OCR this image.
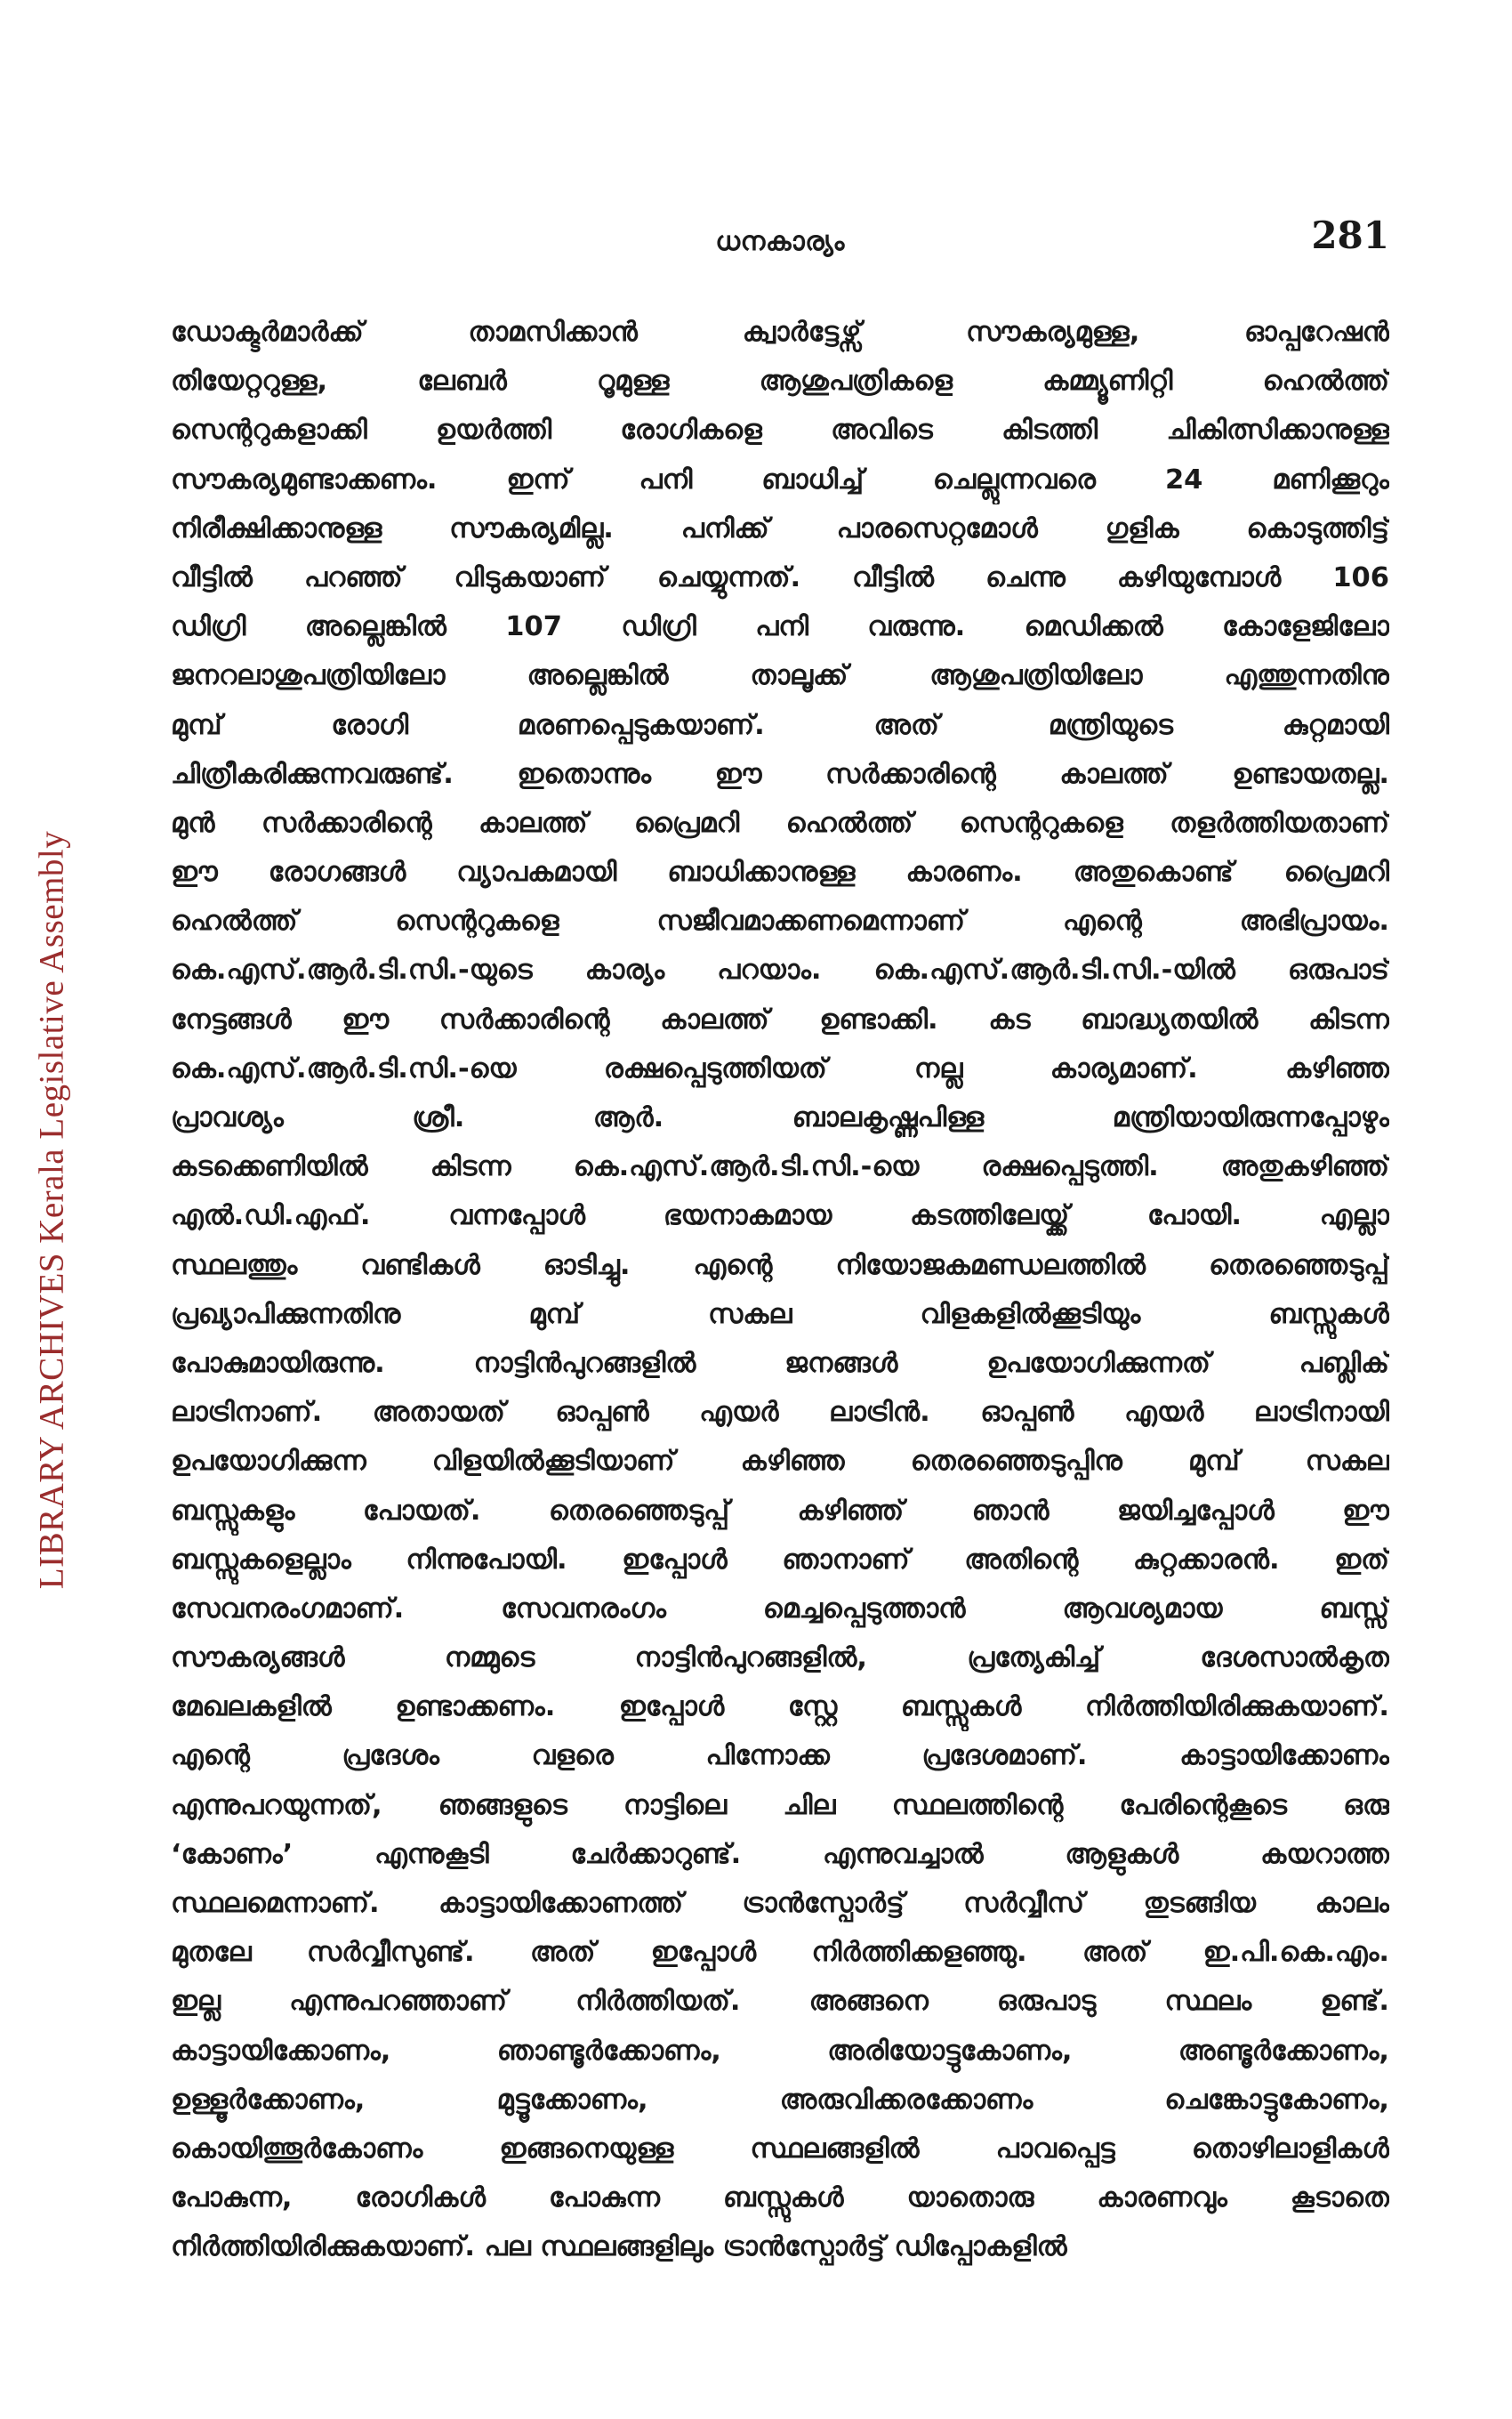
ധനകാര്യം	281
LIBRARY ARCHIVES Kerala Legislative Assembly
ഡോക്ടർമാർക്ക് താമസിക്കാൻ ക്വാർട്ടേഴ്സ് സൗകര്യമുള്ള, ഓപ്പറേഷൻ
തിയേറ്ററുള്ള, ലേബർ റൂമുള്ള ആശുപത്രികളെ കമ്മ്യൂണിറ്റി ഹെൽത്ത്
സെന്ററുകളാക്കി ഉയർത്തി രോഗികളെ അവിടെ കിടത്തി ചികിത്സിക്കാനുള്ള
സൗകര്യമുണ്ടാക്കണം. ഇന്ന് പനി ബാധിച്ച് ചെല്ലുന്നവരെ 24 മണിക്കൂറും
നിരീക്ഷിക്കാനുള്ള സൗകര്യമില്ല. പനിക്ക് പാരസെറ്റമോൾ ഗുളിക കൊടുത്തിട്ട്
വീട്ടിൽ പറഞ്ഞ് വിടുകയാണ് ചെയ്യുന്നത്. വീട്ടിൽ ചെന്നു കഴിയുമ്പോൾ 106
ഡിഗ്രി അല്ലെങ്കിൽ 107 ഡിഗ്രി പനി വരുന്നു. മെഡിക്കൽ കോളേജിലോ
ജനറലാശുപത്രിയിലോ അല്ലെങ്കിൽ താലൂക്ക് ആശുപത്രിയിലോ എത്തുന്നതിനു
മുമ്പ് രോഗി മരണപ്പെടുകയാണ്. അത് മന്ത്രിയുടെ കുറ്റമായി
ചിത്രീകരിക്കുന്നവരുണ്ട്. ഇതൊന്നും ഈ സർക്കാരിന്റെ കാലത്ത് ഉണ്ടായതല്ല.
മുൻ സർക്കാരിന്റെ കാലത്ത് പ്രൈമറി ഹെൽത്ത് സെന്ററുകളെ തളർത്തിയതാണ്
ഈ രോഗങ്ങൾ വ്യാപകമായി ബാധിക്കാനുള്ള കാരണം. അതുകൊണ്ട് പ്രൈമറി
ഹെൽത്ത് സെന്ററുകളെ സജീവമാക്കണമെന്നാണ് എന്റെ അഭിപ്രായം.
കെ.എസ്.ആർ.ടി.സി.-യുടെ കാര്യം പറയാം. കെ.എസ്.ആർ.ടി.സി.-യിൽ ഒരുപാട്
നേട്ടങ്ങൾ ഈ സർക്കാരിന്റെ കാലത്ത് ഉണ്ടാക്കി. കട ബാദ്ധ്യതയിൽ കിടന്ന
കെ.എസ്.ആർ.ടി.സി.-യെ രക്ഷപ്പെടുത്തിയത് നല്ല കാര്യമാണ്. കഴിഞ്ഞ
പ്രാവശ്യം ശ്രീ. ആർ. ബാലകൃഷ്ണപിള്ള മന്ത്രിയായിരുന്നപ്പോഴും
കടക്കെണിയിൽ കിടന്ന കെ.എസ്.ആർ.ടി.സി.-യെ രക്ഷപ്പെടുത്തി. അതുകഴിഞ്ഞ്
എൽ.ഡി.എഫ്. വന്നപ്പോൾ ഭയനാകമായ കടത്തിലേയ്ക്ക് പോയി. എല്ലാ
സ്ഥലത്തും വണ്ടികൾ ഓടിച്ചു. എന്റെ നിയോജകമണ്ഡലത്തിൽ തെരഞ്ഞെടുപ്പ്
പ്രഖ്യാപിക്കുന്നതിനു മുമ്പ് സകല വിളകളിൽക്കൂടിയും ബസ്സുകൾ
പോകുമായിരുന്നു. നാട്ടിൻപുറങ്ങളിൽ ജനങ്ങൾ ഉപയോഗിക്കുന്നത് പബ്ലിക്
ലാട്രിനാണ്. അതായത് ഓപ്പൺ എയർ ലാട്രിൻ. ഓപ്പൺ എയർ ലാട്രിനായി
ഉപയോഗിക്കുന്ന വിളയിൽക്കൂടിയാണ് കഴിഞ്ഞ തെരഞ്ഞെടുപ്പിനു മുമ്പ് സകല
ബസ്സുകളും പോയത്. തെരഞ്ഞെടുപ്പ് കഴിഞ്ഞ് ഞാൻ ജയിച്ചപ്പോൾ ഈ
ബസ്സുകളെല്ലാം നിന്നുപോയി. ഇപ്പോൾ ഞാനാണ് അതിന്റെ കുറ്റക്കാരൻ. ഇത്
സേവനരംഗമാണ്. സേവനരംഗം മെച്ചപ്പെടുത്താൻ ആവശ്യമായ ബസ്സ്
സൗകര്യങ്ങൾ നമ്മുടെ നാട്ടിൻപുറങ്ങളിൽ, പ്രത്യേകിച്ച് ദേശസാൽകൃത
മേഖലകളിൽ ഉണ്ടാക്കണം. ഇപ്പോൾ സ്റ്റേ ബസ്സുകൾ നിർത്തിയിരിക്കുകയാണ്.
എന്റെ പ്രദേശം വളരെ പിന്നോക്ക പ്രദേശമാണ്. കാട്ടായിക്കോണം
എന്നുപറയുന്നത്, ഞങ്ങളുടെ നാട്ടിലെ ചില സ്ഥലത്തിന്റെ പേരിന്റെകൂടെ ഒരു
‘കോണം’ എന്നുകൂടി ചേർക്കാറുണ്ട്. എന്നുവച്ചാൽ ആളുകൾ കയറാത്ത
സ്ഥലമെന്നാണ്. കാട്ടായിക്കോണത്ത് ട്രാൻസ്പോർട്ട് സർവ്വീസ് തുടങ്ങിയ കാലം
മുതലേ സർവ്വീസുണ്ട്. അത് ഇപ്പോൾ നിർത്തിക്കളഞ്ഞു. അത് ഇ.പി.കെ.എം.
ഇല്ല എന്നുപറഞ്ഞാണ് നിർത്തിയത്. അങ്ങനെ ഒരുപാടു സ്ഥലം ഉണ്ട്.
കാട്ടായിക്കോണം, ഞാണ്ടൂർക്കോണം, അരിയോട്ടുകോണം, അണ്ടൂർക്കോണം,
ഉള്ളൂർക്കോണം, മുട്ടൂക്കോണം, അരുവിക്കരക്കോണം ചെങ്കോട്ടുകോണം,
കൊയിത്തൂർകോണം ഇങ്ങനെയുള്ള സ്ഥലങ്ങളിൽ പാവപ്പെട്ട തൊഴിലാളികൾ
പോകുന്ന, രോഗികൾ പോകുന്ന ബസ്സുകൾ യാതൊരു കാരണവും കൂടാതെ
നിർത്തിയിരിക്കുകയാണ്. പല സ്ഥലങ്ങളിലും ട്രാൻസ്പോർട്ട് ഡിപ്പോകളിൽ
